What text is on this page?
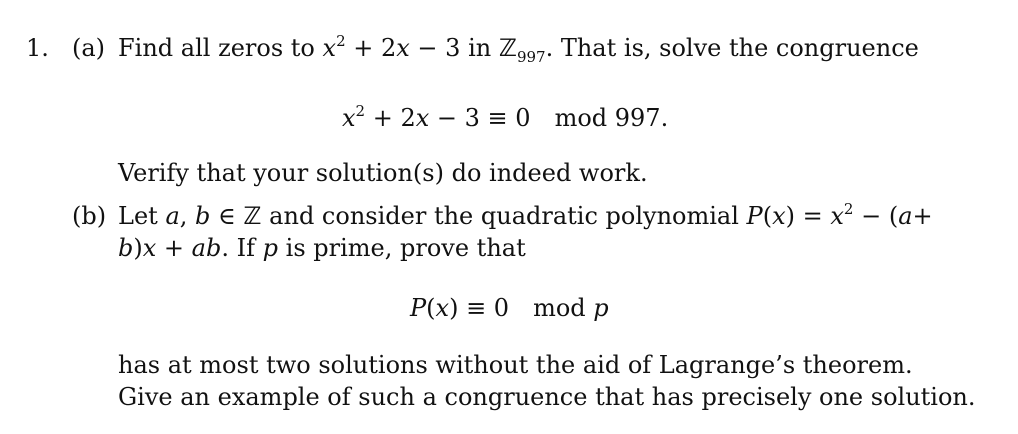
1. (a) Find all zeros to $x^2 + 2x - 3$ in ℤ$_{997}$. That is, solve the congruence
$x^2 + 2x - 3 \equiv 0$ mod 997.
Verify that your solution(s) do indeed work.
(b) Let a, b ∈ ℤ and consider the quadratic polynomial $P(x) = x^2 - (a+$
b)x + ab. If p is prime, prove that
P(x) ≡ 0 mod p
has at most two solutions without the aid of Lagrange’s theorem.
Give an example of such a congruence that has precisely one solution.
